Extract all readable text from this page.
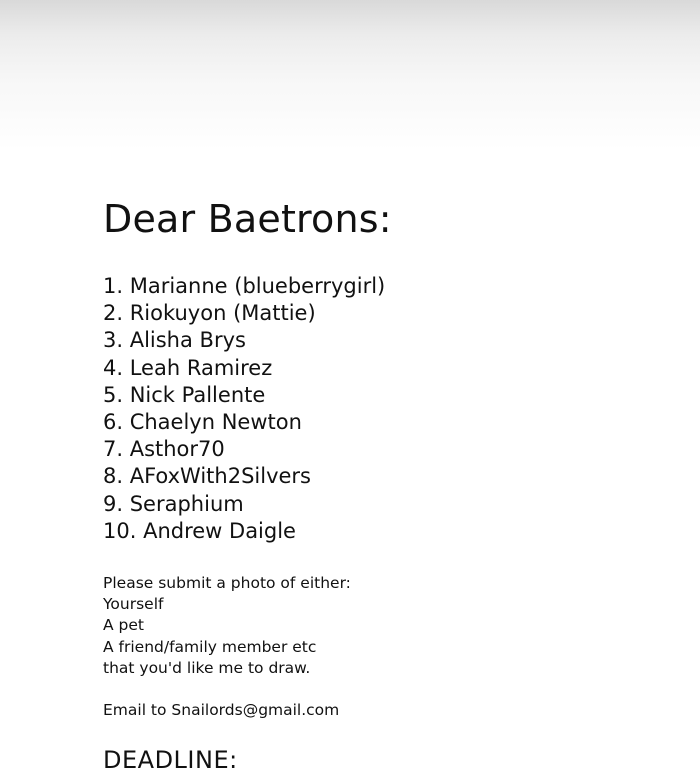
Dear Baetrons:
1. Marianne (blueberrygirl)
2. Riokuyon (Mattie)
3. Alisha Brys
4. Leah Ramirez
5. Nick Pallente
6. Chaelyn Newton
7. Asthor70
8. AFoxWith2Silvers
9. Seraphium
10. Andrew Daigle
Please submit a photo of either:
Yourself
A pet
A friend/family member etc
that you'd like me to draw.
Email to Snailords@gmail.com
DEADLINE:
